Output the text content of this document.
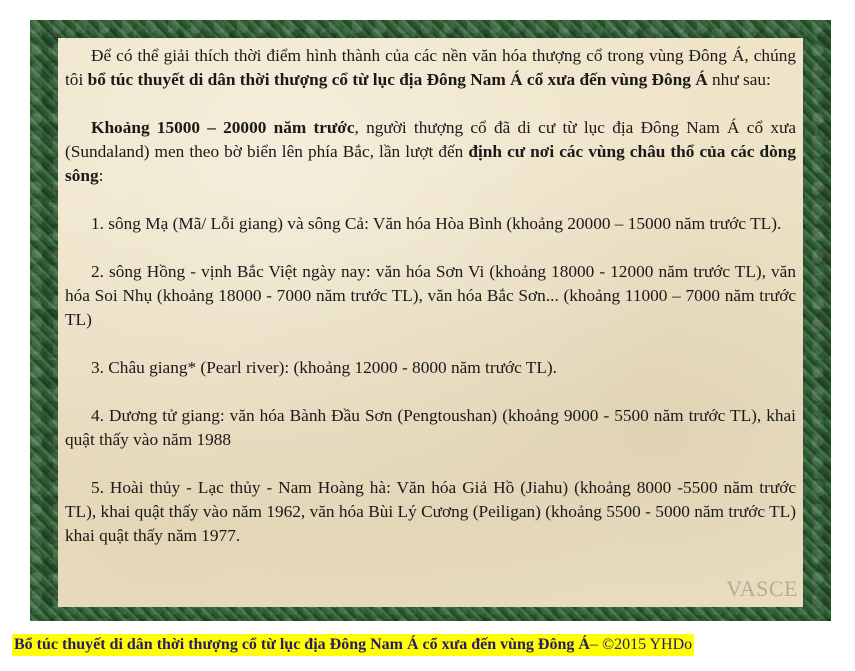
Để có thể giải thích thời điểm hình thành của các nền văn hóa thượng cổ trong vùng Đông Á, chúng tôi bổ túc thuyết di dân thời thượng cổ từ lục địa Đông Nam Á cổ xưa đến vùng Đông Á như sau:

Khoảng 15000 – 20000 năm trước, người thượng cổ đã di cư từ lục địa Đông Nam Á cổ xưa (Sundaland) men theo bờ biển lên phía Bắc, lần lượt đến định cư nơi các vùng châu thổ của các dòng sông:

1. sông Mạ (Mã/ Lỗi giang) và sông Cả: Văn hóa Hòa Bình (khoảng 20000 – 15000 năm trước TL).

2. sông Hồng - vịnh Bắc Việt ngày nay: văn hóa Sơn Vi (khoảng 18000 - 12000 năm trước TL), văn hóa Soi Nhụ (khoảng 18000 - 7000 năm trước TL), văn hóa Bắc Sơn... (khoảng 11000 – 7000 năm trước TL)

3. Châu giang* (Pearl river): (khoảng 12000 - 8000 năm trước TL).

4. Dương tử giang: văn hóa Bành Đầu Sơn (Pengtoushan) (khoảng 9000 - 5500 năm trước TL), khai quật thấy vào năm 1988

5. Hoài thủy - Lạc thủy - Nam Hoàng hà: Văn hóa Giả Hồ (Jiahu) (khoảng 8000 -5500 năm trước TL), khai quật thấy vào năm 1962, văn hóa Bùi Lý Cương (Peiligan) (khoảng 5500 - 5000 năm trước TL) khai quật thấy năm 1977.

VASCE
Bổ túc thuyết di dân thời thượng cổ từ lục địa Đông Nam Á cổ xưa đến vùng Đông Á– ©2015 YHDo
